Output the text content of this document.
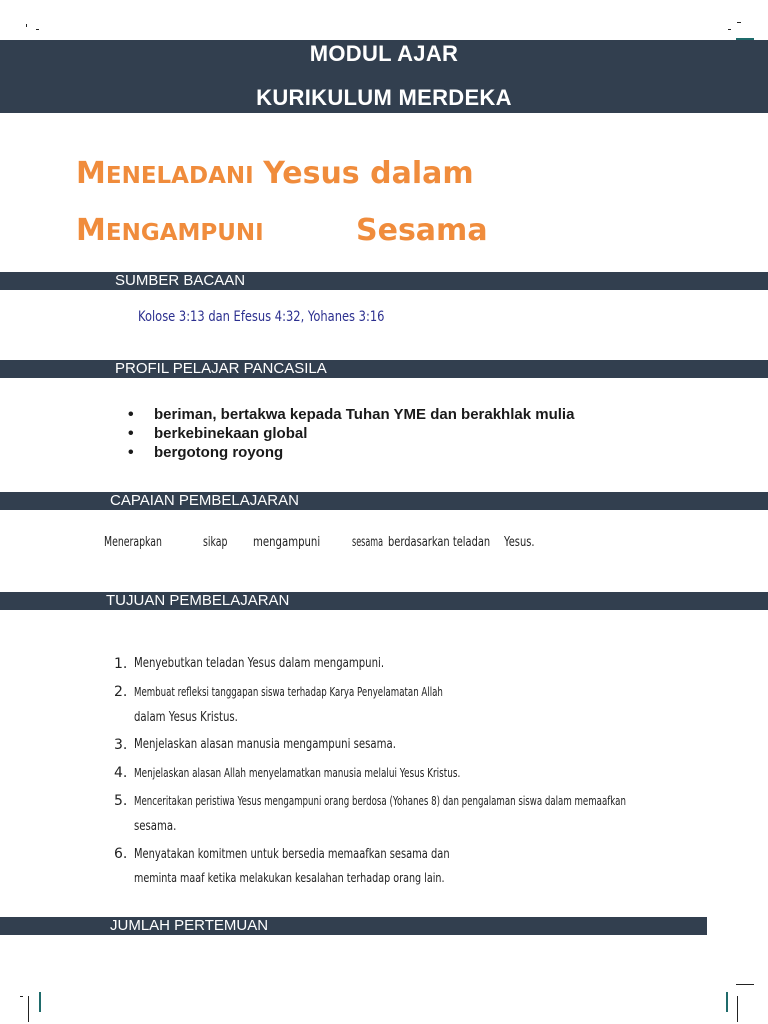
MODUL AJAR
KURIKULUM MERDEKA
MENELADANI Yesus dalam
MENGAMPUNI	Sesama
SUMBER BACAAN
Kolose 3:13 dan Efesus 4:32, Yohanes 3:16
PROFIL PELAJAR PANCASILA
• beriman, bertakwa kepada Tuhan YME dan berakhlak mulia
• berkebinekaan global
• bergotong royong
CAPAIAN PEMBELAJARAN
Menerapkan	sikap mengampuni sesama berdasarkan teladan Yesus.
TUJUAN PEMBELAJARAN
1. Menyebutkan teladan Yesus dalam mengampuni.
2. Membuat refleksi tanggapan siswa terhadap Karya Penyelamatan Allah
dalam Yesus Kristus.
3. Menjelaskan alasan manusia mengampuni sesama.
4. Menjelaskan alasan Allah menyelamatkan manusia melalui Yesus Kristus.
5. Menceritakan peristiwa Yesus mengampuni orang berdosa (Yohanes 8) dan pengalaman siswa dalam memaafkan
sesama.
6. Menyatakan komitmen untuk bersedia memaafkan sesama dan
meminta maaf ketika melakukan kesalahan terhadap orang lain.
JUMLAH PERTEMUAN
